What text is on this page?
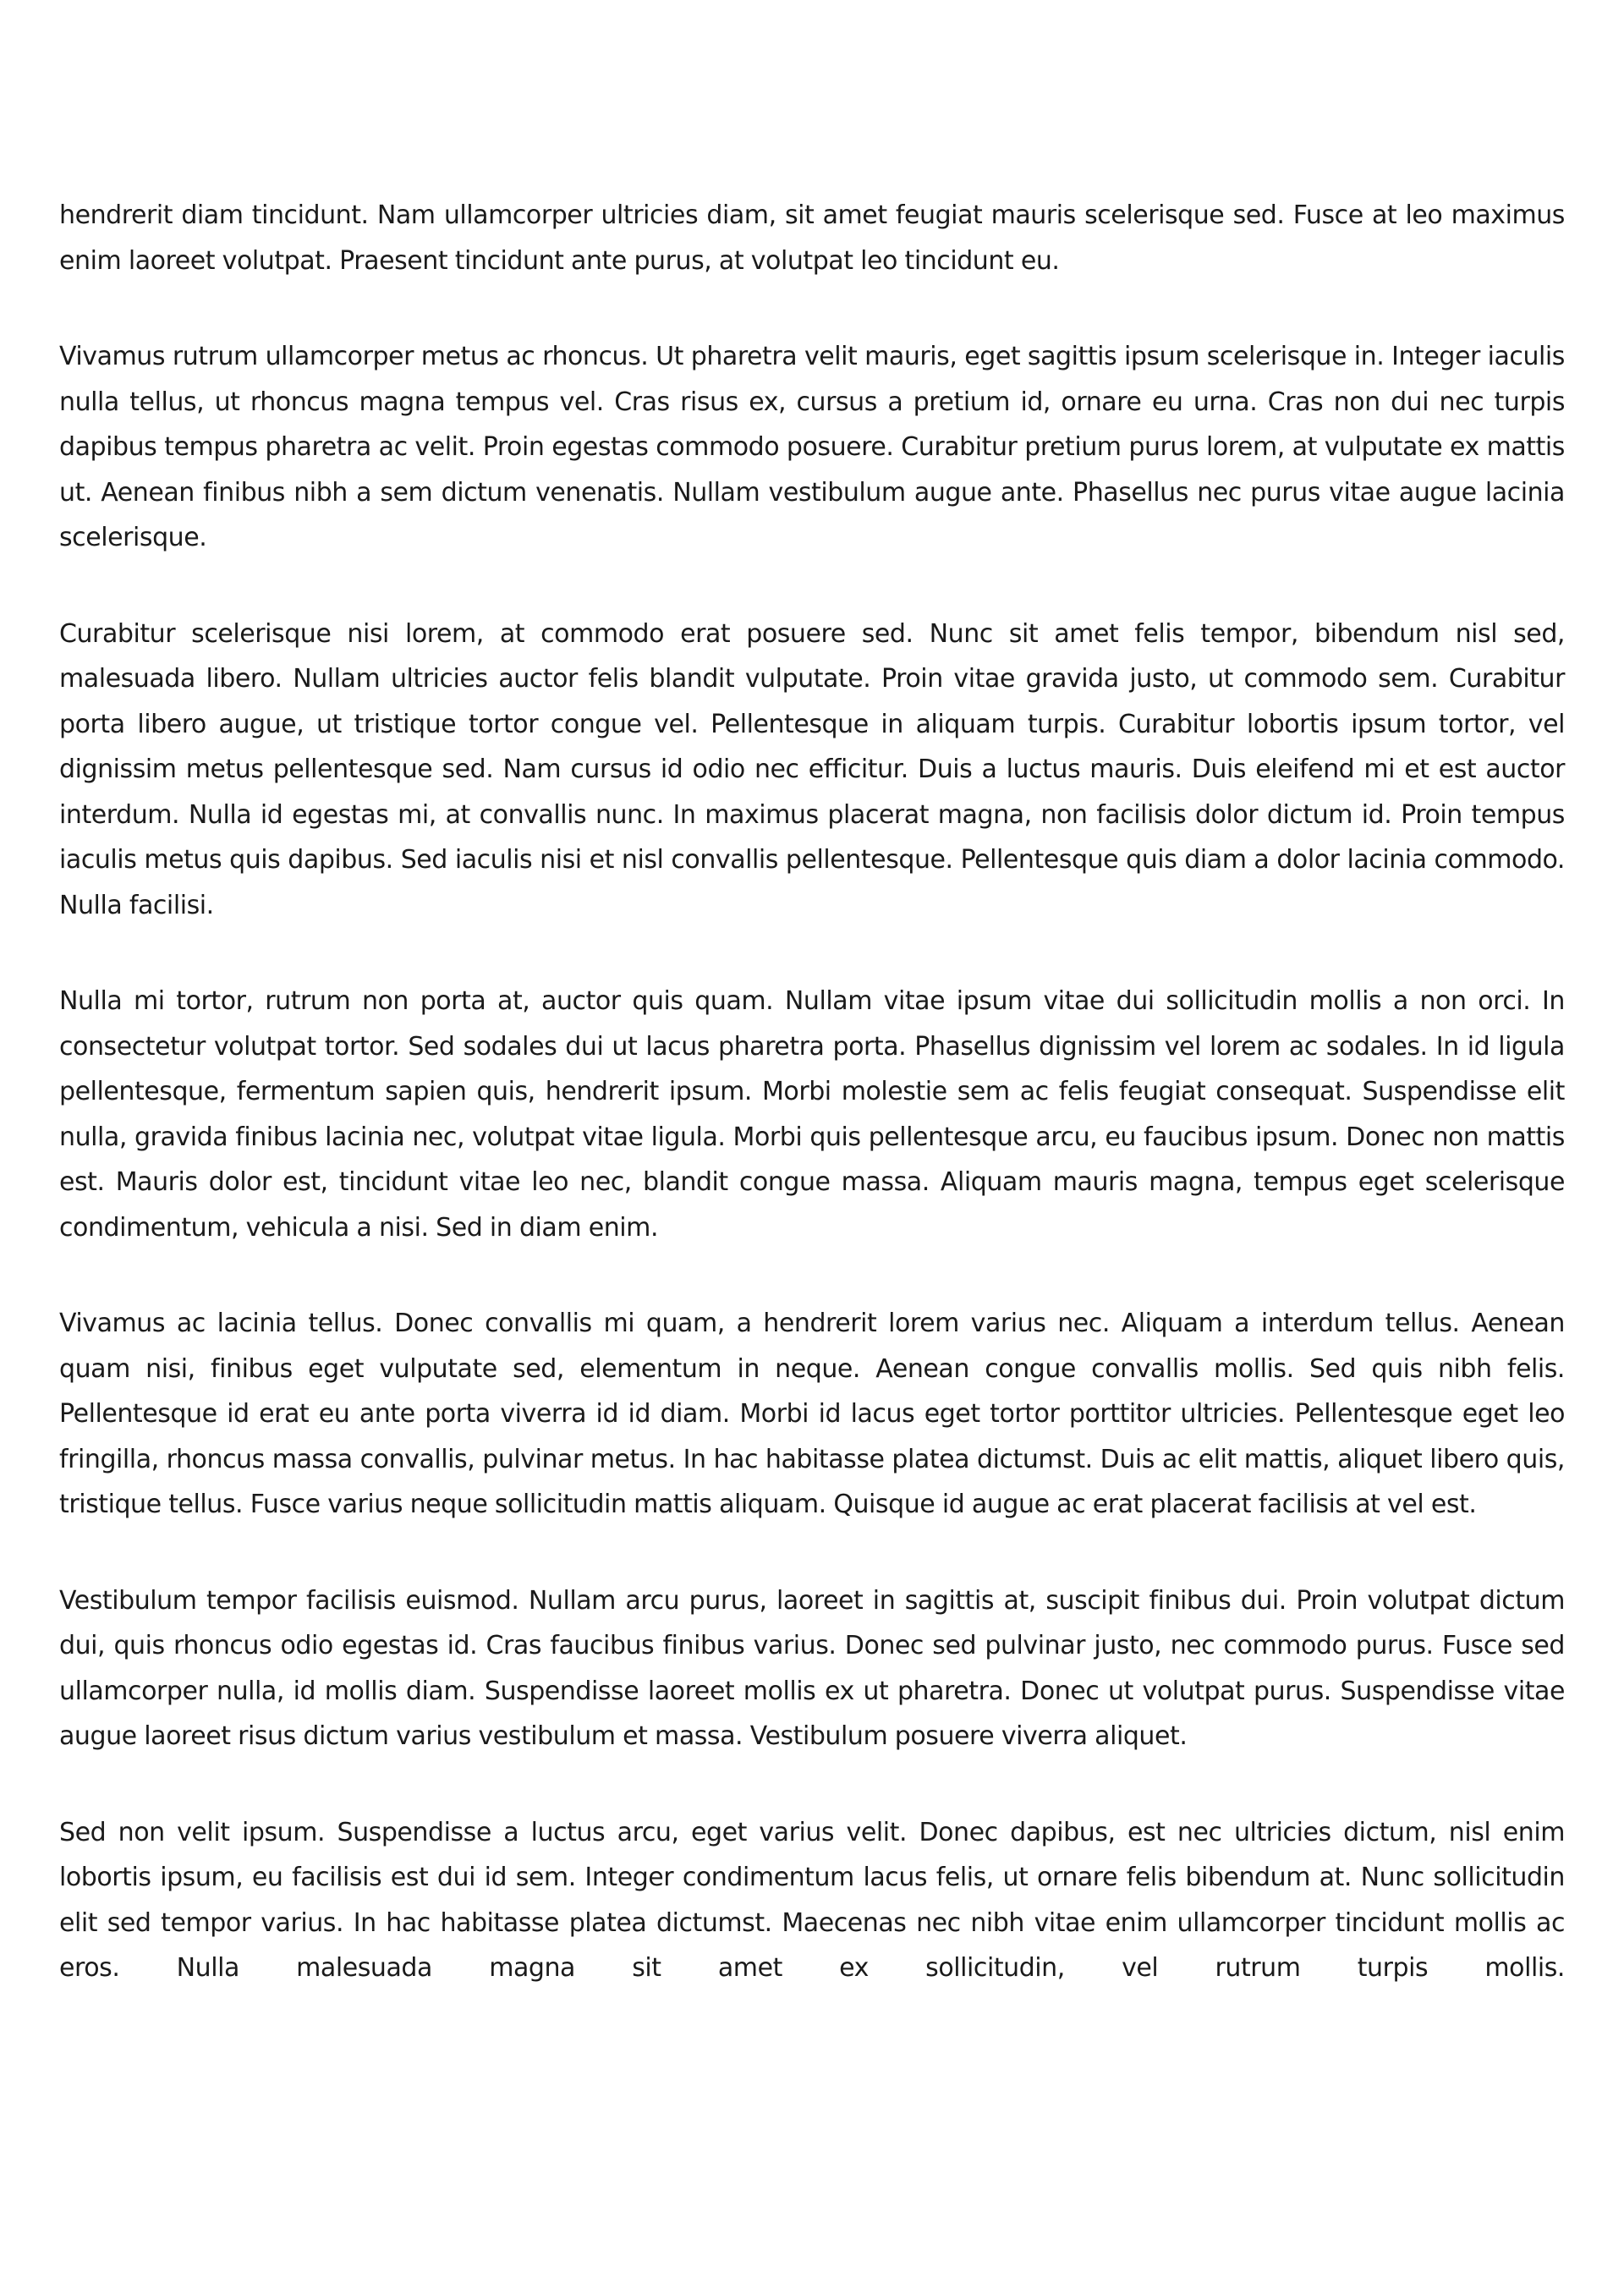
hendrerit diam tincidunt. Nam ullamcorper ultricies diam, sit amet feugiat mauris scelerisque sed. Fusce at leo maximus enim laoreet volutpat. Praesent tincidunt ante purus, at volutpat leo tincidunt eu.

Vivamus rutrum ullamcorper metus ac rhoncus. Ut pharetra velit mauris, eget sagittis ipsum scelerisque in. Integer iaculis nulla tellus, ut rhoncus magna tempus vel. Cras risus ex, cursus a pretium id, ornare eu urna. Cras non dui nec turpis dapibus tempus pharetra ac velit. Proin egestas commodo posuere. Curabitur pretium purus lorem, at vulputate ex mattis ut. Aenean finibus nibh a sem dictum venenatis. Nullam vestibulum augue ante. Phasellus nec purus vitae augue lacinia scelerisque.

Curabitur scelerisque nisi lorem, at commodo erat posuere sed. Nunc sit amet felis tempor, bibendum nisl sed, malesuada libero. Nullam ultricies auctor felis blandit vulputate. Proin vitae gravida justo, ut commodo sem. Curabitur porta libero augue, ut tristique tortor congue vel. Pellentesque in aliquam turpis. Curabitur lobortis ipsum tortor, vel dignissim metus pellentesque sed. Nam cursus id odio nec efficitur. Duis a luctus mauris. Duis eleifend mi et est auctor interdum. Nulla id egestas mi, at convallis nunc. In maximus placerat magna, non facilisis dolor dictum id. Proin tempus iaculis metus quis dapibus. Sed iaculis nisi et nisl convallis pellentesque. Pellentesque quis diam a dolor lacinia commodo. Nulla facilisi.

Nulla mi tortor, rutrum non porta at, auctor quis quam. Nullam vitae ipsum vitae dui sollicitudin mollis a non orci. In consectetur volutpat tortor. Sed sodales dui ut lacus pharetra porta. Phasellus dignissim vel lorem ac sodales. In id ligula pellentesque, fermentum sapien quis, hendrerit ipsum. Morbi molestie sem ac felis feugiat consequat. Suspendisse elit nulla, gravida finibus lacinia nec, volutpat vitae ligula. Morbi quis pellentesque arcu, eu faucibus ipsum. Donec non mattis est. Mauris dolor est, tincidunt vitae leo nec, blandit congue massa. Aliquam mauris magna, tempus eget scelerisque condimentum, vehicula a nisi. Sed in diam enim.

Vivamus ac lacinia tellus. Donec convallis mi quam, a hendrerit lorem varius nec. Aliquam a interdum tellus. Aenean quam nisi, finibus eget vulputate sed, elementum in neque. Aenean congue convallis mollis. Sed quis nibh felis. Pellentesque id erat eu ante porta viverra id id diam. Morbi id lacus eget tortor porttitor ultricies. Pellentesque eget leo fringilla, rhoncus massa convallis, pulvinar metus. In hac habitasse platea dictumst. Duis ac elit mattis, aliquet libero quis, tristique tellus. Fusce varius neque sollicitudin mattis aliquam. Quisque id augue ac erat placerat facilisis at vel est.

Vestibulum tempor facilisis euismod. Nullam arcu purus, laoreet in sagittis at, suscipit finibus dui. Proin volutpat dictum dui, quis rhoncus odio egestas id. Cras faucibus finibus varius. Donec sed pulvinar justo, nec commodo purus. Fusce sed ullamcorper nulla, id mollis diam. Suspendisse laoreet mollis ex ut pharetra. Donec ut volutpat purus. Suspendisse vitae augue laoreet risus dictum varius vestibulum et massa. Vestibulum posuere viverra aliquet.

Sed non velit ipsum. Suspendisse a luctus arcu, eget varius velit. Donec dapibus, est nec ultricies dictum, nisl enim lobortis ipsum, eu facilisis est dui id sem. Integer condimentum lacus felis, ut ornare felis bibendum at. Nunc sollicitudin elit sed tempor varius. In hac habitasse platea dictumst. Maecenas nec nibh vitae enim ullamcorper tincidunt mollis ac eros. Nulla malesuada magna sit amet ex sollicitudin, vel rutrum turpis mollis.
